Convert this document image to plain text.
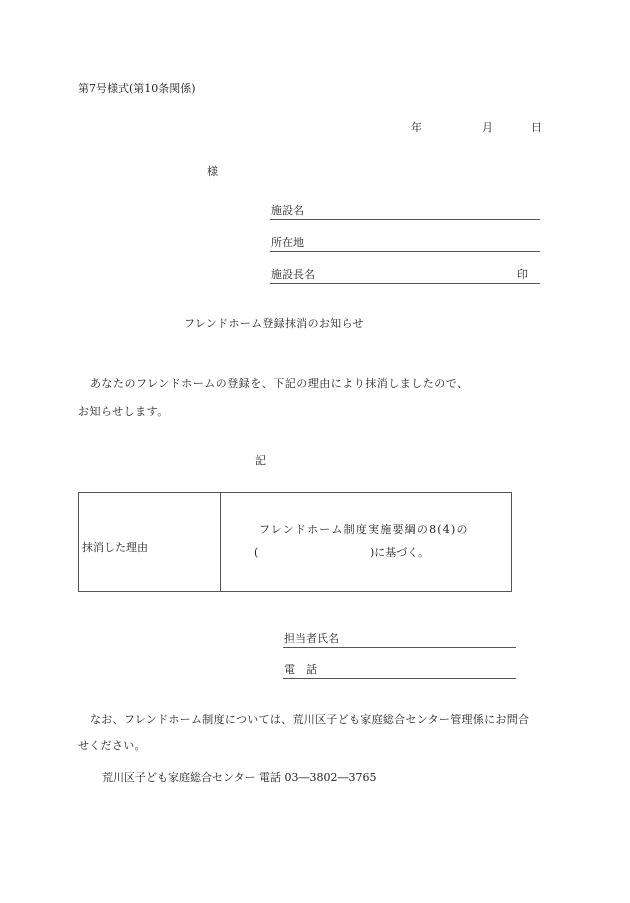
第7号様式(第10条関係)
年	月	日
様
施設名
所在地
施設長名	印
フレンドホーム登録抹消のお知らせ
あなたのフレンドホームの登録を、下記の理由により抹消しましたので、
お知らせします。
記
抹消した理由
フレンドホーム制度実施要綱の8(4)の
(	)に基づく。
担当者氏名
電　話
なお、フレンドホーム制度については、荒川区子ども家庭総合センター管理係にお問合
せください。
荒川区子ども家庭総合センター 電話 03―3802―3765
